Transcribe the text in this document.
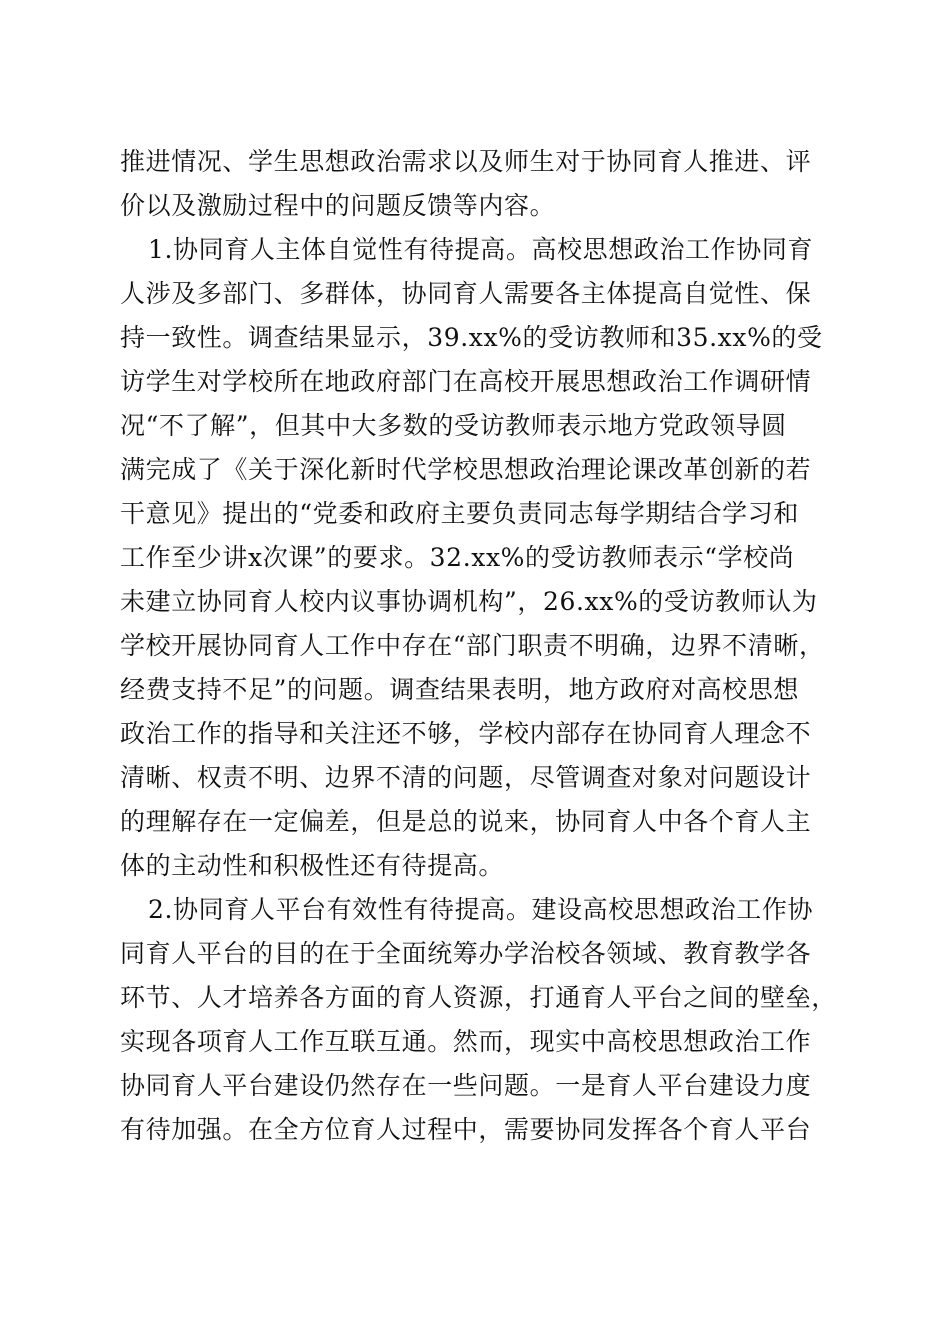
推进情况、学生思想政治需求以及师生对于协同育人推进、评
价以及激励过程中的问题反馈等内容。
1.协同育人主体自觉性有待提高。高校思想政治工作协同育
人涉及多部门、多群体，协同育人需要各主体提高自觉性、保
持一致性。调查结果显示，39.xx%的受访教师和35.xx%的受
访学生对学校所在地政府部门在高校开展思想政治工作调研情
况“不了解”，但其中大多数的受访教师表示地方党政领导圆
满完成了《关于深化新时代学校思想政治理论课改革创新的若
干意见》提出的“党委和政府主要负责同志每学期结合学习和
工作至少讲x次课”的要求。32.xx%的受访教师表示“学校尚
未建立协同育人校内议事协调机构”，26.xx%的受访教师认为
学校开展协同育人工作中存在“部门职责不明确，边界不清晰，
经费支持不足”的问题。调查结果表明，地方政府对高校思想
政治工作的指导和关注还不够，学校内部存在协同育人理念不
清晰、权责不明、边界不清的问题，尽管调查对象对问题设计
的理解存在一定偏差，但是总的说来，协同育人中各个育人主
体的主动性和积极性还有待提高。
2.协同育人平台有效性有待提高。建设高校思想政治工作协
同育人平台的目的在于全面统筹办学治校各领域、教育教学各
环节、人才培养各方面的育人资源，打通育人平台之间的壁垒，
实现各项育人工作互联互通。然而，现实中高校思想政治工作
协同育人平台建设仍然存在一些问题。一是育人平台建设力度
有待加强。在全方位育人过程中，需要协同发挥各个育人平台
